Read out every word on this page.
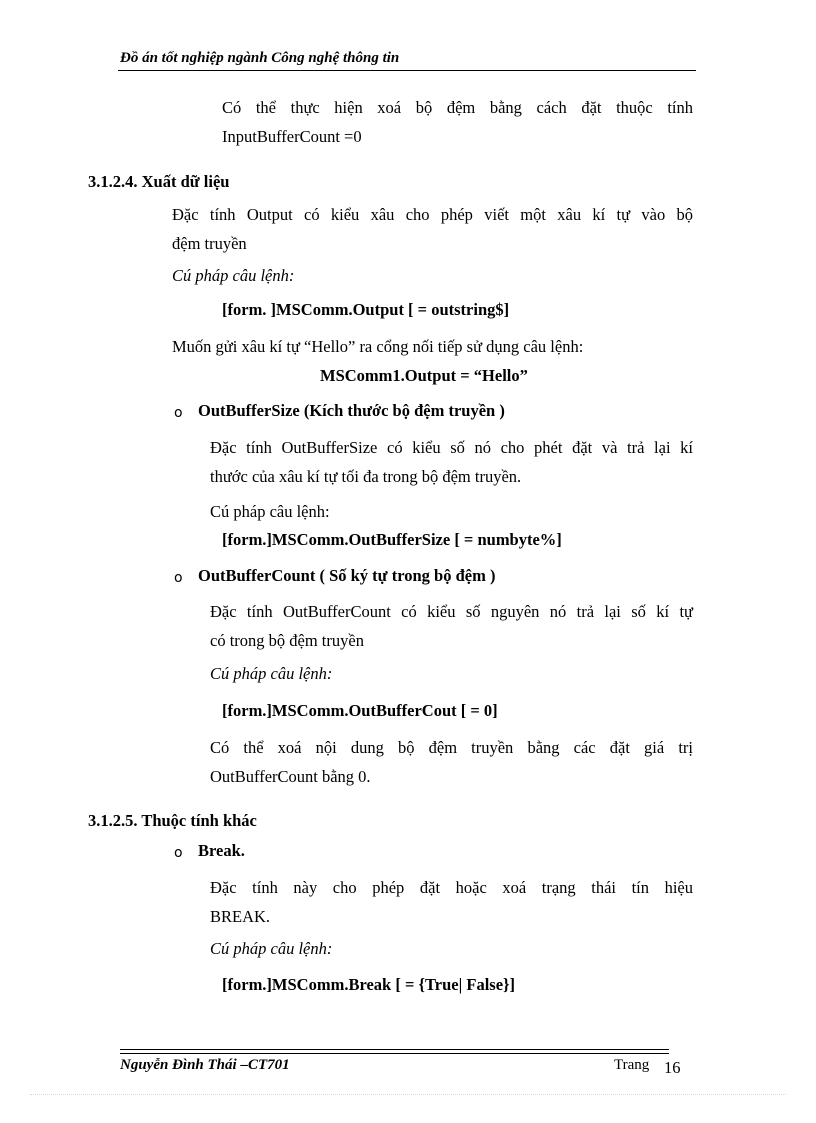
Đồ án tốt nghiệp ngành Công nghệ thông tin
Có thể thực hiện xoá bộ đệm bằng cách đặt thuộc tính
InputBufferCount =0
3.1.2.4. Xuất dữ liệu
Đặc tính Output có kiểu xâu cho phép viết một xâu kí tự vào bộ
đệm truyền
Cú pháp câu lệnh:
[form. ]MSComm.Output [ = outstring$]
Muốn gửi xâu kí tự “Hello” ra cổng nối tiếp sử dụng câu lệnh:
MSComm1.Output = “Hello”
o OutBufferSize (Kích thước bộ đệm truyền )
Đặc tính OutBufferSize có kiểu số nó cho phét đặt và trả lại kí
thước của xâu kí tự tối đa trong bộ đệm truyền.
Cú pháp câu lệnh:
[form.]MSComm.OutBufferSize [ = numbyte%]
o OutBufferCount ( Số ký tự trong bộ đệm )
Đặc tính OutBufferCount có kiểu số nguyên nó trả lại số kí tự
có trong bộ đệm truyền
Cú pháp câu lệnh:
[form.]MSComm.OutBufferCout [ = 0]
Có thể xoá nội dung bộ đệm truyền bằng các đặt giá trị
OutBufferCount bằng 0.
3.1.2.5. Thuộc tính khác
o Break.
Đặc tính này cho phép đặt hoặc xoá trạng thái tín hiệu
BREAK.
Cú pháp câu lệnh:
[form.]MSComm.Break [ = {True| False}]
Nguyễn Đình Thái –CT701	Trang 16
